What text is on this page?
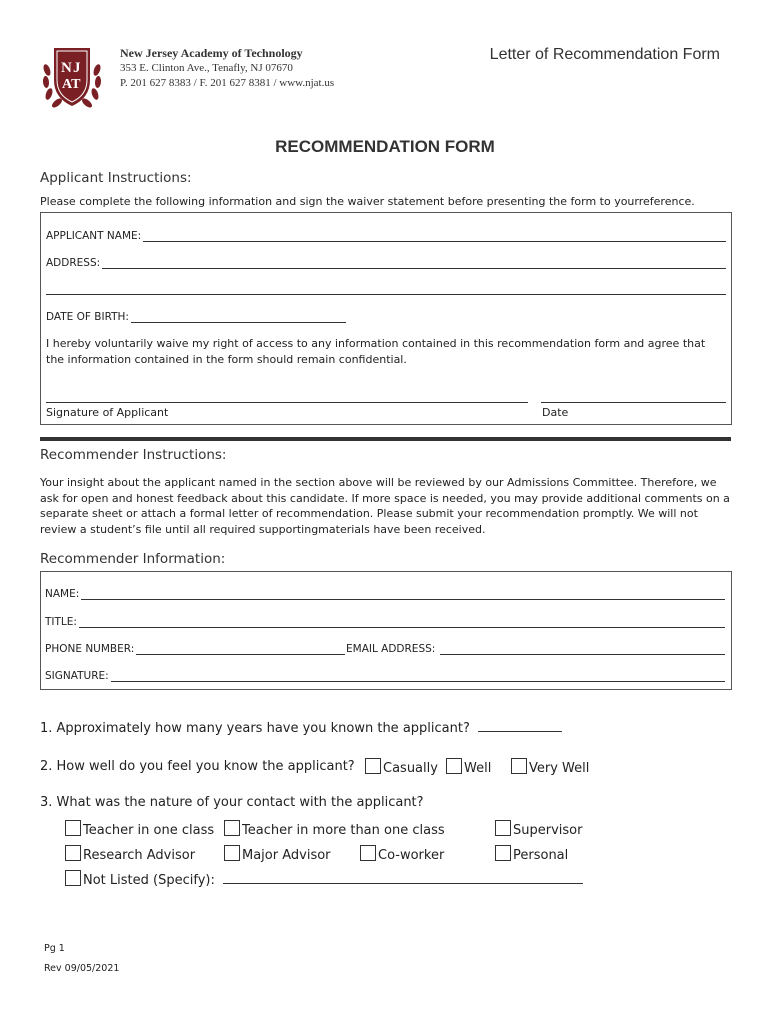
N J
AT
New Jersey Academy of Technology
353 E. Clinton Ave., Tenafly, NJ 07670
P. 201 627 8383 / F. 201 627 8381 / www.njat.us
Letter of Recommendation Form
RECOMMENDATION FORM
Applicant Instructions:
Please complete the following information and sign the waiver statement before presenting the form to yourreference.
APPLICANT NAME:
ADDRESS:
DATE OF BIRTH:
I hereby voluntarily waive my right of access to any information contained in this recommendation form and agree that the information contained in the form should remain confidential.
Signature of Applicant	Date
Recommender Instructions:
Your insight about the applicant named in the section above will be reviewed by our Admissions Committee. Therefore, we ask for open and honest feedback about this candidate. If more space is needed, you may provide additional comments on a separate sheet or attach a formal letter of recommendation. Please submit your recommendation promptly. We will not review a student’s file until all required supportingmaterials have been received.
Recommender Information:
NAME:
TITLE:
PHONE NUMBER:	EMAIL ADDRESS:
SIGNATURE:
1. Approximately how many years have you known the applicant?
2. How well do you feel you know the applicant?	Casually	Well	Very Well
3. What was the nature of your contact with the applicant?
Teacher in one class	Teacher in more than one class	Supervisor
Research Advisor	Major Advisor	Co-worker	Personal
Not Listed (Specify):
Pg 1
Rev 09/05/2021
